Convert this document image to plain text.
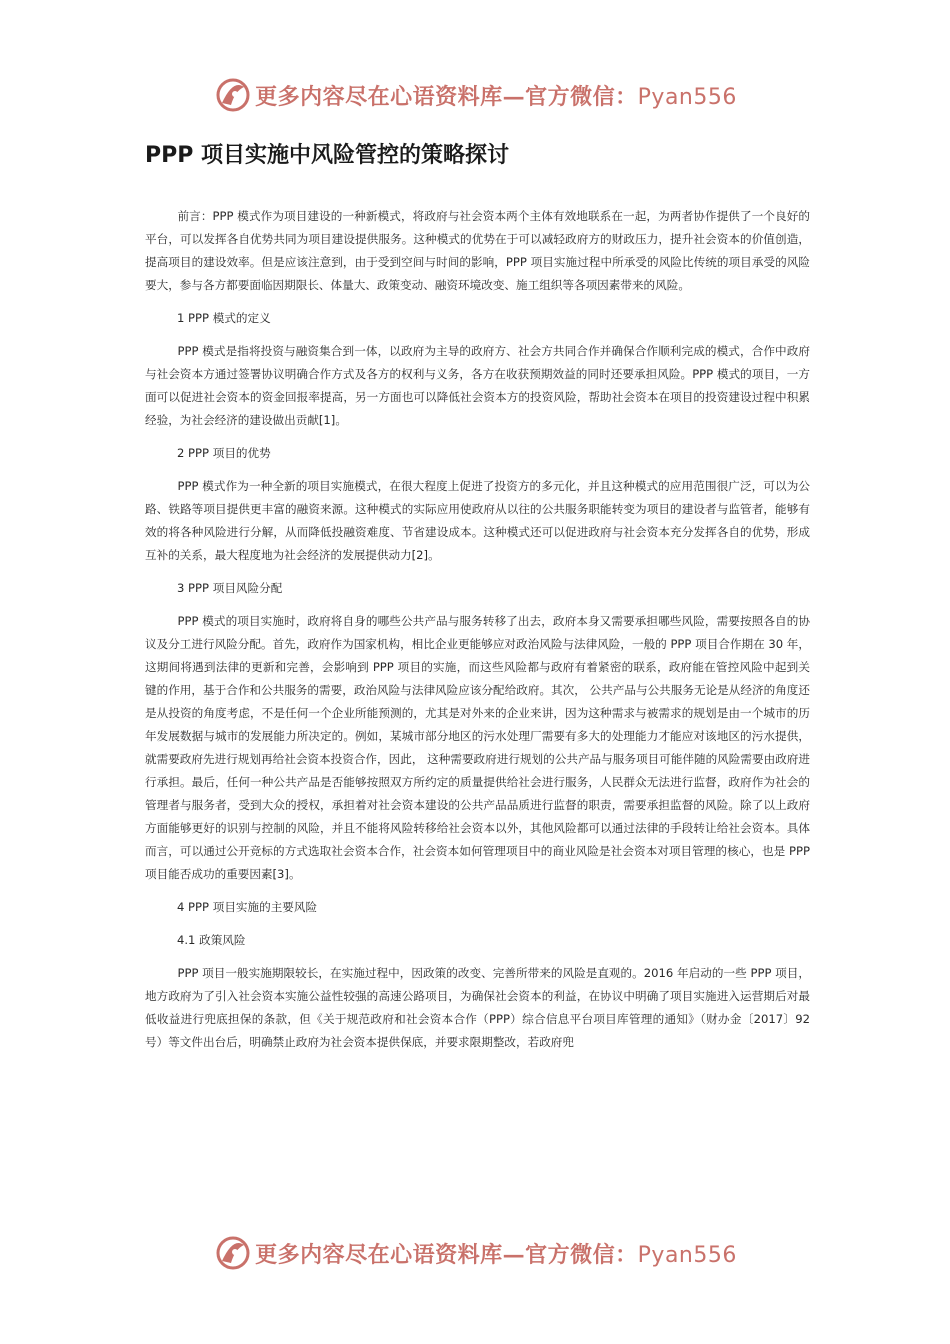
更多内容尽在心语资料库—官方微信：Pyan556
PPP 项目实施中风险管控的策略探讨

前言：PPP 模式作为项目建设的一种新模式，将政府与社会资本两个主体有效地联系在一起，为两者协作提供了一个良好的平台，可以发挥各自优势共同为项目建设提供服务。这种模式的优势在于可以减轻政府方的财政压力，提升社会资本的价值创造，提高项目的建设效率。但是应该注意到，由于受到空间与时间的影响，PPP 项目实施过程中所承受的风险比传统的项目承受的风险要大，参与各方都要面临因期限长、体量大、政策变动、融资环境改变、施工组织等各项因素带来的风险。

1 PPP 模式的定义

PPP 模式是指将投资与融资集合到一体，以政府为主导的政府方、社会方共同合作并确保合作顺利完成的模式，合作中政府与社会资本方通过签署协议明确合作方式及各方的权利与义务，各方在收获预期效益的同时还要承担风险。PPP 模式的项目，一方面可以促进社会资本的资金回报率提高，另一方面也可以降低社会资本方的投资风险，帮助社会资本在项目的投资建设过程中积累经验，为社会经济的建设做出贡献[1]。

2 PPP 项目的优势

PPP 模式作为一种全新的项目实施模式，在很大程度上促进了投资方的多元化，并且这种模式的应用范围很广泛，可以为公路、铁路等项目提供更丰富的融资来源。这种模式的实际应用使政府从以往的公共服务职能转变为项目的建设者与监管者，能够有效的将各种风险进行分解，从而降低投融资难度、节省建设成本。这种模式还可以促进政府与社会资本充分发挥各自的优势，形成互补的关系，最大程度地为社会经济的发展提供动力[2]。

3 PPP 项目风险分配

PPP 模式的项目实施时，政府将自身的哪些公共产品与服务转移了出去，政府本身又需要承担哪些风险，需要按照各自的协议及分工进行风险分配。首先，政府作为国家机构，相比企业更能够应对政治风险与法律风险，一般的 PPP 项目合作期在 30 年，这期间将遇到法律的更新和完善，会影响到 PPP 项目的实施，而这些风险都与政府有着紧密的联系，政府能在管控风险中起到关键的作用，基于合作和公共服务的需要，政治风险与法律风险应该分配给政府。其次， 公共产品与公共服务无论是从经济的角度还是从投资的角度考虑，不是任何一个企业所能预测的，尤其是对外来的企业来讲，因为这种需求与被需求的规划是由一个城市的历年发展数据与城市的发展能力所决定的。例如，某城市部分地区的污水处理厂需要有多大的处理能力才能应对该地区的污水提供，就需要政府先进行规划再给社会资本投资合作，因此， 这种需要政府进行规划的公共产品与服务项目可能伴随的风险需要由政府进行承担。最后，任何一种公共产品是否能够按照双方所约定的质量提供给社会进行服务，人民群众无法进行监督，政府作为社会的管理者与服务者，受到大众的授权，承担着对社会资本建设的公共产品品质进行监督的职责，需要承担监督的风险。除了以上政府方面能够更好的识别与控制的风险，并且不能将风险转移给社会资本以外，其他风险都可以通过法律的手段转让给社会资本。具体而言，可以通过公开竞标的方式选取社会资本合作，社会资本如何管理项目中的商业风险是社会资本对项目管理的核心，也是 PPP 项目能否成功的重要因素[3]。

4 PPP 项目实施的主要风险
4.1 政策风险

PPP 项目一般实施期限较长，在实施过程中，因政策的改变、完善所带来的风险是直观的。2016 年启动的一些 PPP 项目，地方政府为了引入社会资本实施公益性较强的高速公路项目，为确保社会资本的利益，在协议中明确了项目实施进入运营期后对最低收益进行兜底担保的条款，但《关于规范政府和社会资本合作（PPP）综合信息平台项目库管理的通知》（财办金〔2017〕92 号）等文件出台后，明确禁止政府为社会资本提供保底，并要求限期整改，若政府兜

更多内容尽在心语资料库—官方微信：Pyan556
